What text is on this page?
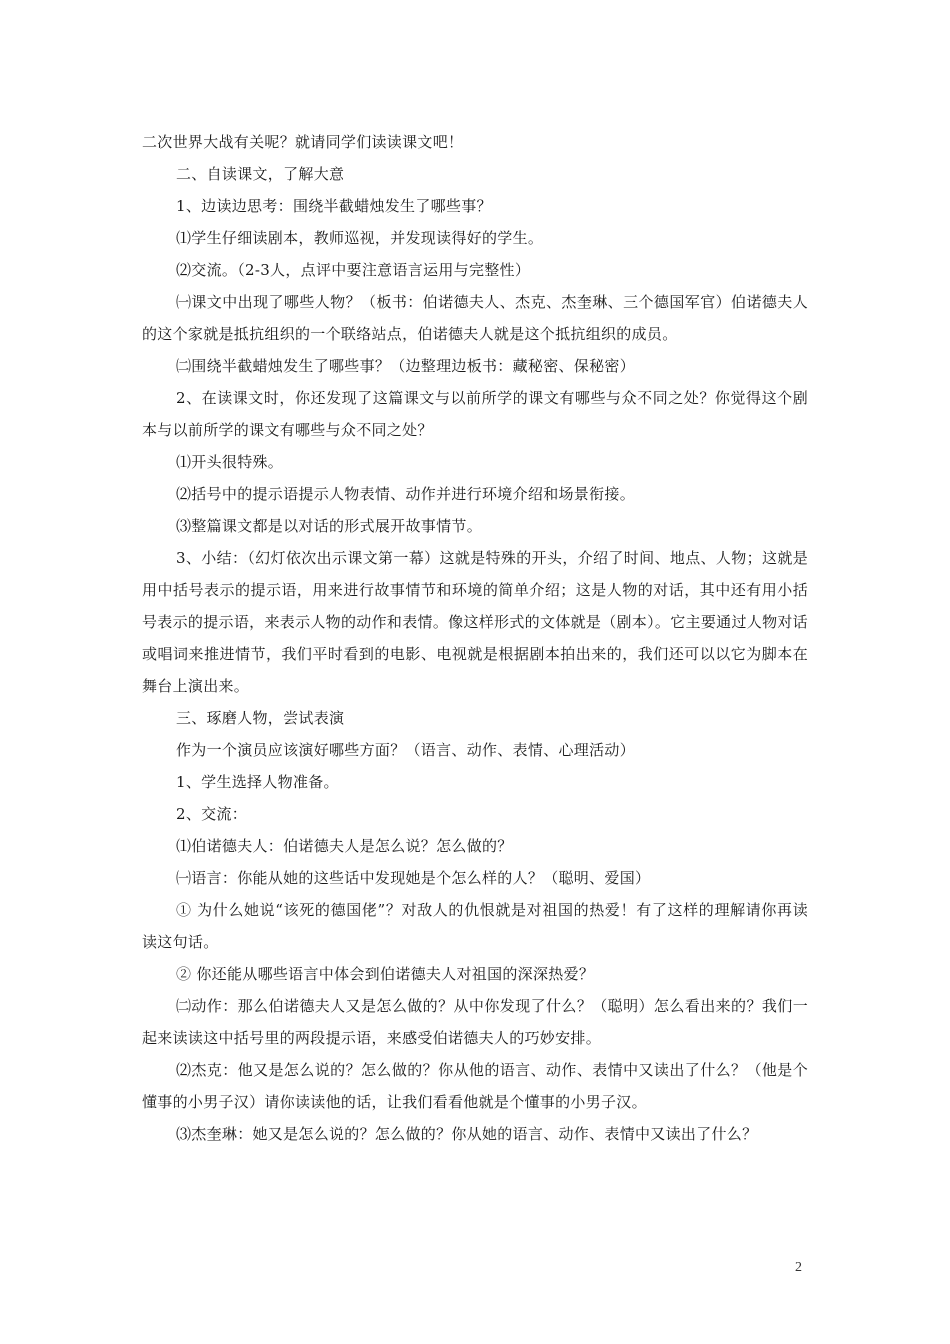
二次世界大战有关呢？就请同学们读读课文吧！

二、自读课文，了解大意

1、边读边思考：围绕半截蜡烛发生了哪些事？

⑴学生仔细读剧本，教师巡视，并发现读得好的学生。

⑵交流。（2-3人，点评中要注意语言运用与完整性）

㈠课文中出现了哪些人物？（板书：伯诺德夫人、杰克、杰奎琳、三个德国军官）伯诺德夫人的这个家就是抵抗组织的一个联络站点，伯诺德夫人就是这个抵抗组织的成员。

㈡围绕半截蜡烛发生了哪些事？（边整理边板书：藏秘密、保秘密）

2、在读课文时，你还发现了这篇课文与以前所学的课文有哪些与众不同之处？你觉得这个剧本与以前所学的课文有哪些与众不同之处？

⑴开头很特殊。

⑵括号中的提示语提示人物表情、动作并进行环境介绍和场景衔接。

⑶整篇课文都是以对话的形式展开故事情节。

3、小结：（幻灯依次出示课文第一幕）这就是特殊的开头，介绍了时间、地点、人物；这就是用中括号表示的提示语，用来进行故事情节和环境的简单介绍；这是人物的对话，其中还有用小括号表示的提示语，来表示人物的动作和表情。像这样形式的文体就是（剧本）。它主要通过人物对话或唱词来推进情节，我们平时看到的电影、电视就是根据剧本拍出来的，我们还可以以它为脚本在舞台上演出来。

三、琢磨人物，尝试表演

作为一个演员应该演好哪些方面？（语言、动作、表情、心理活动）

1、学生选择人物准备。

2、交流：

⑴伯诺德夫人：伯诺德夫人是怎么说？怎么做的？

㈠语言：你能从她的这些话中发现她是个怎么样的人？（聪明、爱国）

① 为什么她说“该死的德国佬”？对敌人的仇恨就是对祖国的热爱！有了这样的理解请你再读读这句话。

② 你还能从哪些语言中体会到伯诺德夫人对祖国的深深热爱？

㈡动作：那么伯诺德夫人又是怎么做的？从中你发现了什么？（聪明）怎么看出来的？我们一起来读读这中括号里的两段提示语，来感受伯诺德夫人的巧妙安排。

⑵杰克：他又是怎么说的？怎么做的？你从他的语言、动作、表情中又读出了什么？（他是个懂事的小男子汉）请你读读他的话，让我们看看他就是个懂事的小男子汉。

⑶杰奎琳：她又是怎么说的？怎么做的？你从她的语言、动作、表情中又读出了什么？

2
